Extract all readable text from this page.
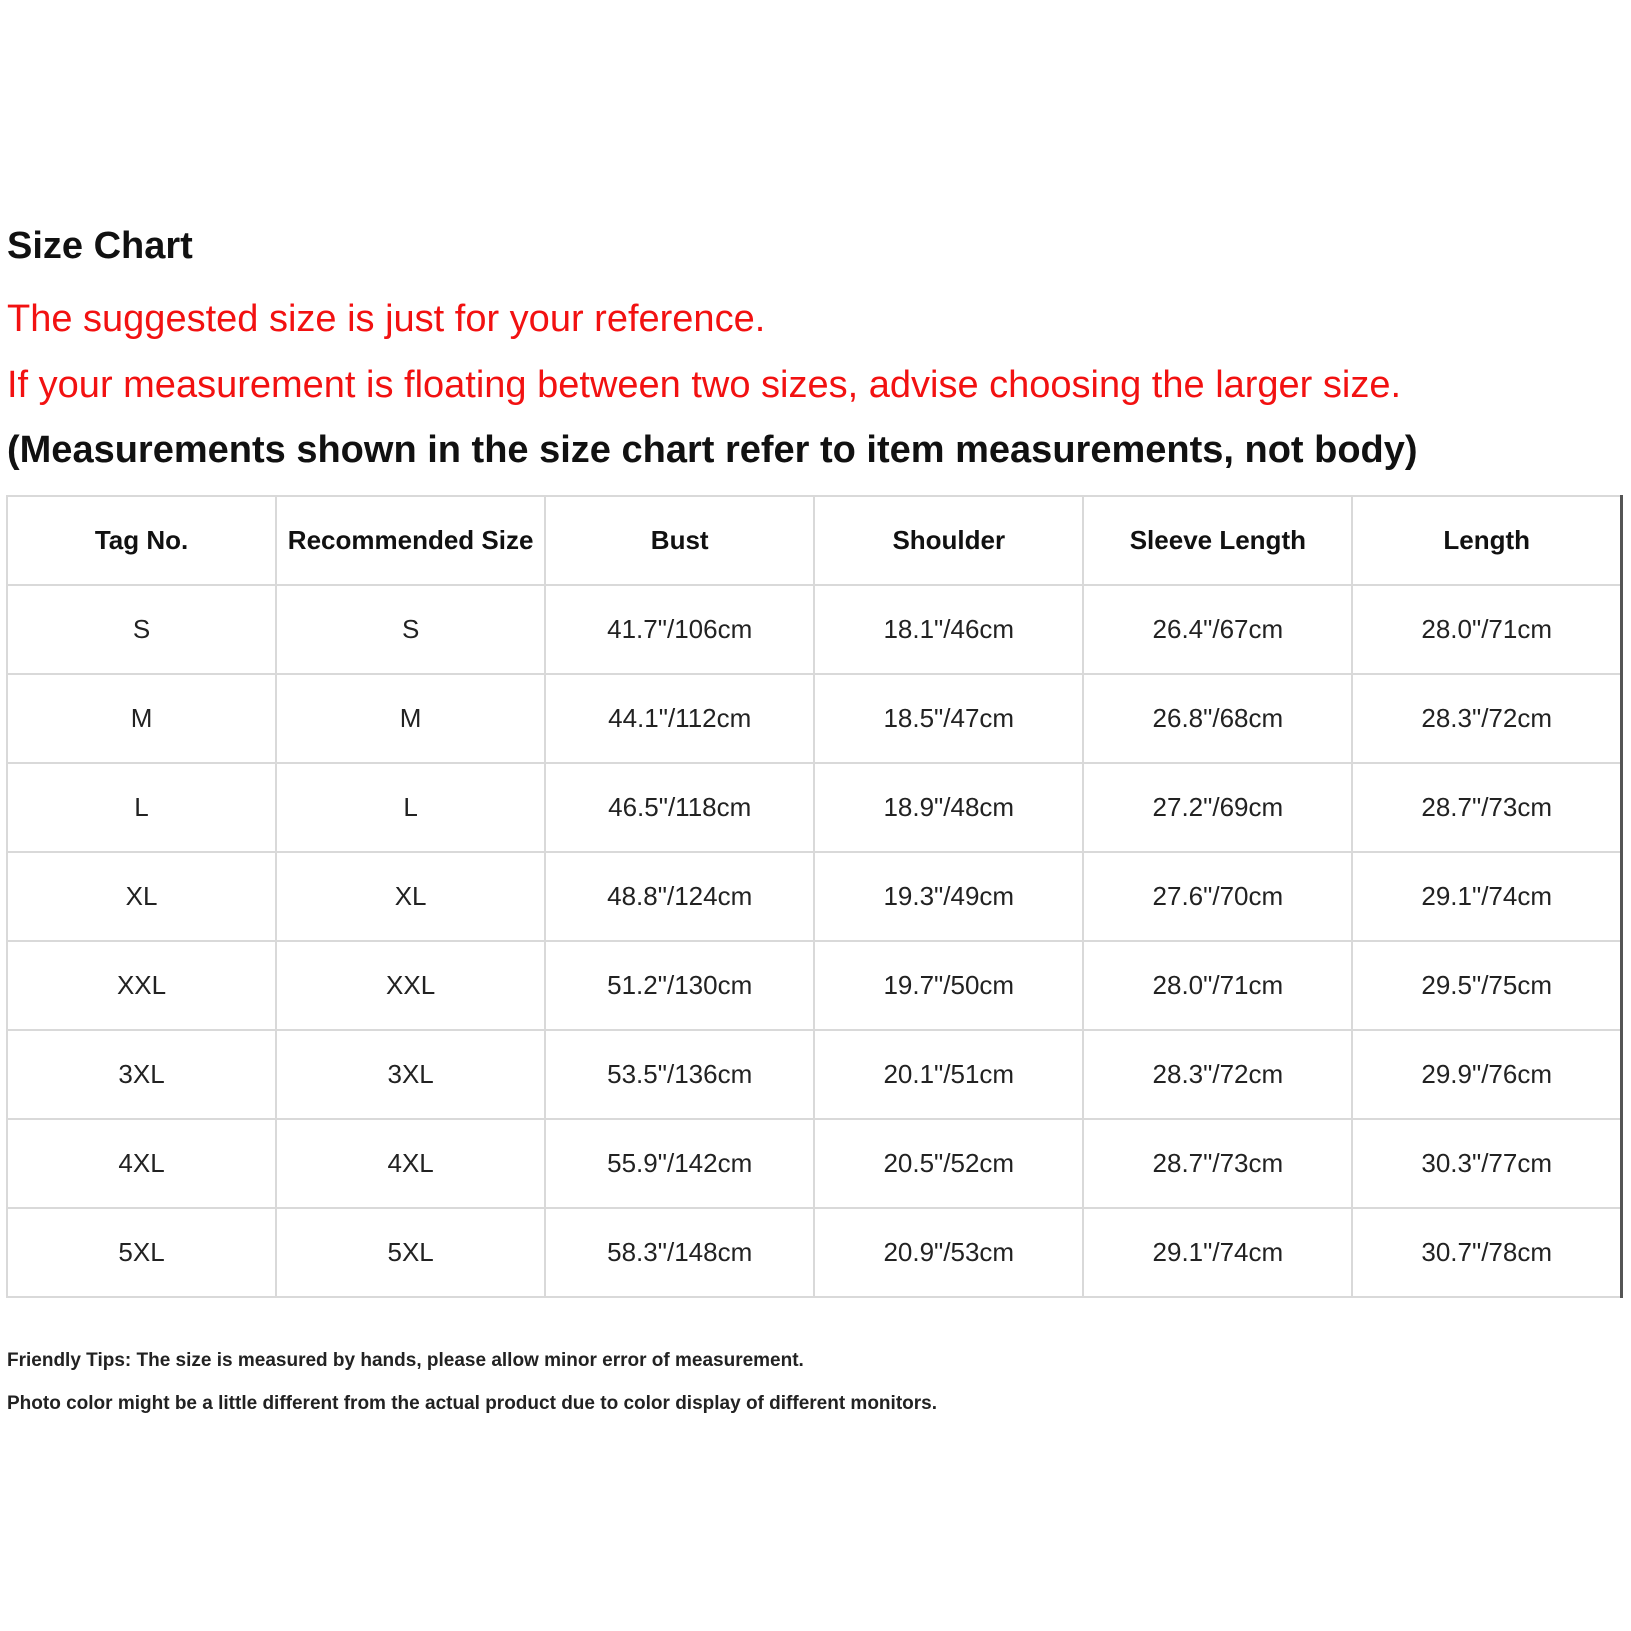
Size Chart
The suggested size is just for your reference.
If your measurement is floating between two sizes, advise choosing the larger size.
(Measurements shown in the size chart refer to item measurements, not body)
Tag No.	Recommended Size	Bust	Shoulder	Sleeve Length	Length
S	S	41.7"/106cm	18.1"/46cm	26.4"/67cm	28.0"/71cm
M	M	44.1"/112cm	18.5"/47cm	26.8"/68cm	28.3"/72cm
L	L	46.5"/118cm	18.9"/48cm	27.2"/69cm	28.7"/73cm
XL	XL	48.8"/124cm	19.3"/49cm	27.6"/70cm	29.1"/74cm
XXL	XXL	51.2"/130cm	19.7"/50cm	28.0"/71cm	29.5"/75cm
3XL	3XL	53.5"/136cm	20.1"/51cm	28.3"/72cm	29.9"/76cm
4XL	4XL	55.9"/142cm	20.5"/52cm	28.7"/73cm	30.3"/77cm
5XL	5XL	58.3"/148cm	20.9"/53cm	29.1"/74cm	30.7"/78cm
Friendly Tips: The size is measured by hands, please allow minor error of measurement.
Photo color might be a little different from the actual product due to color display of different monitors.
